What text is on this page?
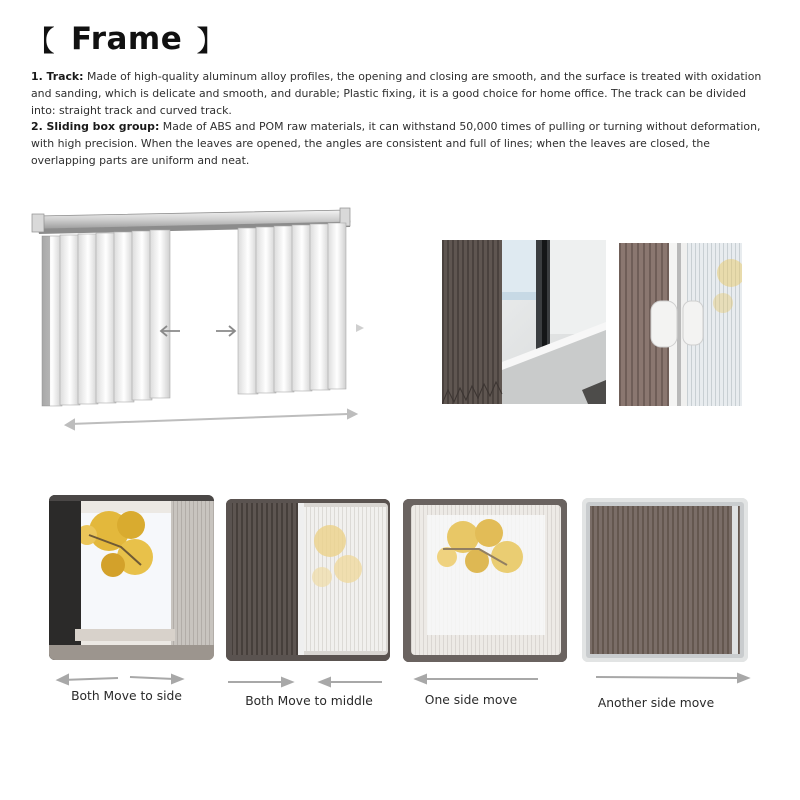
【 Frame 】

1. Track: Made of high-quality aluminum alloy profiles, the opening and closing are smooth, and the surface is treated with oxidation and sanding, which is delicate and smooth, and durable; Plastic fixing, it is a good choice for home office. The track can be divided into: straight track and curved track.

2. Sliding box group: Made of ABS and POM raw materials, it can withstand 50,000 times of pulling or turning without deformation, with high precision. When the leaves are opened, the angles are consistent and full of lines; when the leaves are closed, the overlapping parts are uniform and neat.

Both Move to side	Both Move to middle	One side move	Another side move
